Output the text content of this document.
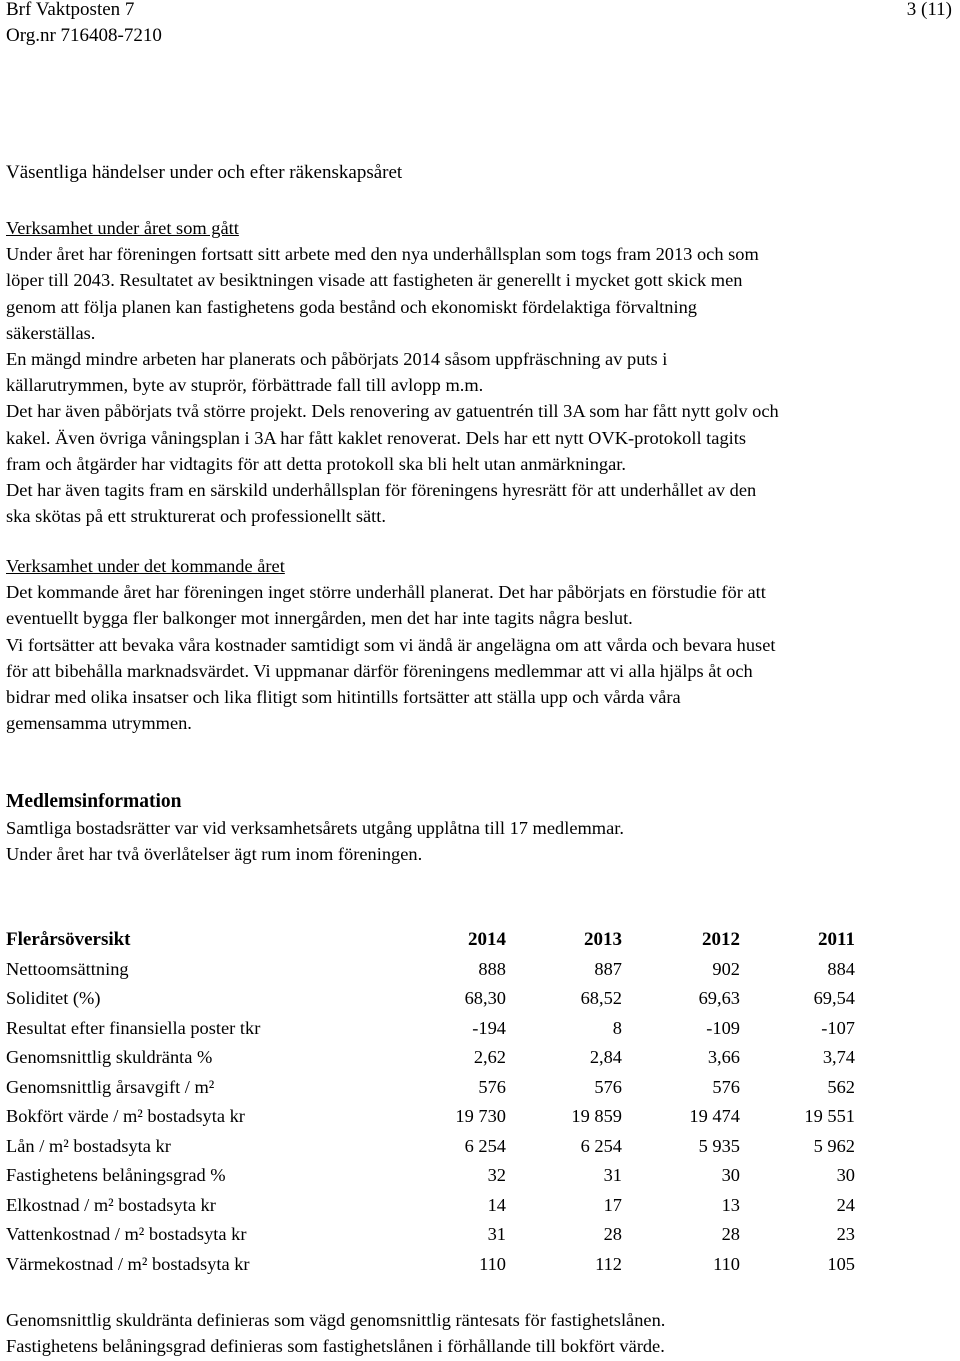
Brf Vaktposten 7
Org.nr 716408-7210
3 (11)
Väsentliga händelser under och efter räkenskapsåret

Verksamhet under året som gått

Under året har föreningen fortsatt sitt arbete med den nya underhållsplan som togs fram 2013 och som

löper till 2043. Resultatet av besiktningen visade att fastigheten är generellt i mycket gott skick men

genom att följa planen kan fastighetens goda bestånd och ekonomiskt fördelaktiga förvaltning

säkerställas.

En mängd mindre arbeten har planerats och påbörjats 2014 såsom uppfräschning av puts i

källarutrymmen, byte av stuprör, förbättrade fall till avlopp m.m.

Det har även påbörjats två större projekt. Dels renovering av gatuentrén till 3A som har fått nytt golv och

kakel. Även övriga våningsplan i 3A har fått kaklet renoverat. Dels har ett nytt OVK-protokoll tagits

fram och åtgärder har vidtagits för att detta protokoll ska bli helt utan anmärkningar.

Det har även tagits fram en särskild underhållsplan för föreningens hyresrätt för att underhållet av den

ska skötas på ett strukturerat och professionellt sätt.

Verksamhet under det kommande året

Det kommande året har föreningen inget större underhåll planerat. Det har påbörjats en förstudie för att

eventuellt bygga fler balkonger mot innergården, men det har inte tagits några beslut.

Vi fortsätter att bevaka våra kostnader samtidigt som vi ändå är angelägna om att vårda och bevara huset

för att bibehålla marknadsvärdet. Vi uppmanar därför föreningens medlemmar att vi alla hjälps åt och

bidrar med olika insatser och lika flitigt som hitintills fortsätter att ställa upp och vårda våra

gemensamma utrymmen.

Medlemsinformation

Samtliga bostadsrätter var vid verksamhetsårets utgång upplåtna till 17 medlemmar.

Under året har två överlåtelser ägt rum inom föreningen.

Flerårsöversikt	2014	2013	2012	2011
Nettoomsättning	888	887	902	884
Soliditet (%)	68,30	68,52	69,63	69,54
Resultat efter finansiella poster tkr	-194	8	-109	-107
Genomsnittlig skuldränta %	2,62	2,84	3,66	3,74
Genomsnittlig årsavgift / m²	576	576	576	562
Bokfört värde / m² bostadsyta kr	19 730	19 859	19 474	19 551
Lån / m² bostadsyta kr	6 254	6 254	5 935	5 962
Fastighetens belåningsgrad %	32	31	30	30
Elkostnad / m² bostadsyta kr	14	17	13	24
Vattenkostnad / m² bostadsyta kr	31	28	28	23
Värmekostnad / m² bostadsyta kr	110	112	110	105

Genomsnittlig skuldränta definieras som vägd genomsnittlig räntesats för fastighetslånen.

Fastighetens belåningsgrad definieras som fastighetslånen i förhållande till bokfört värde.
